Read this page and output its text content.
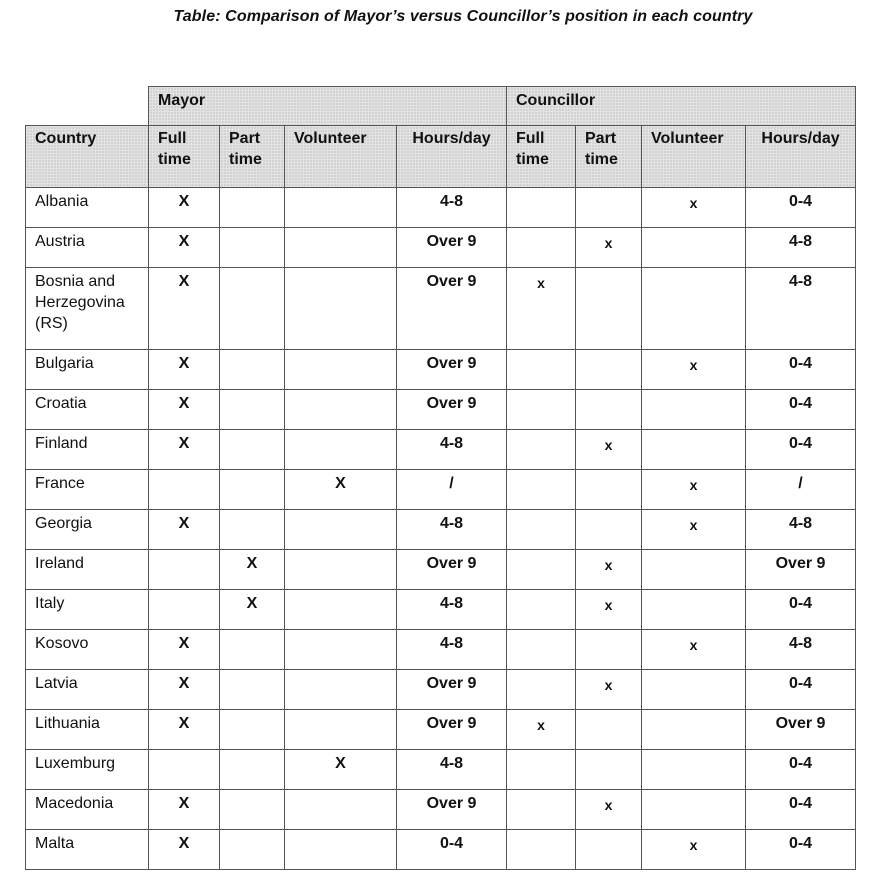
Table: Comparison of Mayor’s versus Councillor’s position in each country
	Mayor				Councillor			
Country	Full time	Part time	Volunteer	Hours/day	Full time	Part time	Volunteer	Hours/day
Albania	X			4-8			x	0-4
Austria	X			Over 9		x		4-8
Bosnia and Herzegovina (RS)	X			Over 9	x			4-8
Bulgaria	X			Over 9			x	0-4
Croatia	X			Over 9				0-4
Finland	X			4-8		x		0-4
France			X	/			x	/
Georgia	X			4-8			x	4-8
Ireland		X		Over 9		x		Over 9
Italy		X		4-8		x		0-4
Kosovo	X			4-8			x	4-8
Latvia	X			Over 9		x		0-4
Lithuania	X			Over 9	x			Over 9
Luxemburg			X	4-8				0-4
Macedonia	X			Over 9		x		0-4
Malta	X			0-4			x	0-4
